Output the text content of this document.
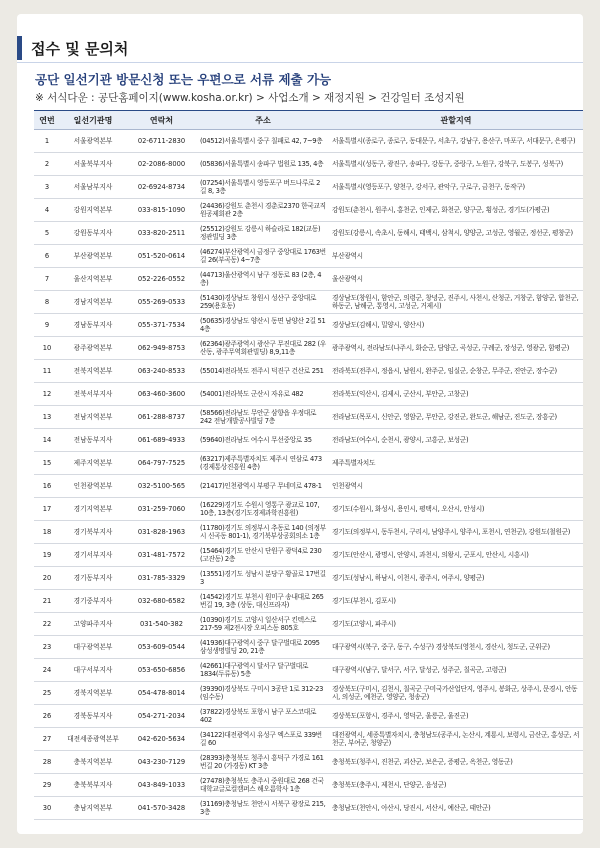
접수 및 문의처
공단 일선기관 방문신청 또는 우편으로 서류 제출 가능
※ 서식다운 : 공단홈페이지(www.kosha.or.kr) > 사업소개 > 재정지원 > 건강일터 조성지원
연번	일선기관명	연락처	주소	관할지역
1	서울광역본부	02-6711-2830	(04512)서울특별시 중구 칠패로 42, 7~9층	서울특별시(종로구, 종로구, 동대문구, 서초구, 강남구, 용산구, 마포구, 서대문구, 은평구)
2	서울북부지사	02-2086-8000	(05836)서울특별시 송파구 법원로 135, 4층	서울특별시(성동구, 광진구, 송파구, 강동구, 중랑구, 노원구, 강북구, 도봉구, 성북구)
3	서울남부지사	02-6924-8734	(07254)서울특별시 영등포구 버드나루로 2길 8, 3층	서울특별시(영등포구, 양천구, 강서구, 관악구, 구로구, 금천구, 동작구)
4	강원지역본부	033-815-1090	(24436)강원도 춘천시 경춘로2370 한국교직원공제회관 2층	강원도(춘천시, 원주시, 홍천군, 인제군, 화천군, 양구군, 횡성군, 경기도(가평군)
5	강원동부지사	033-820-2511	(25512)강원도 강릉시 하슬라로 182(교동) 정관빌딩 3층	강원도(강릉시, 속초시, 동해시, 태백시, 삼척시, 양양군, 고성군, 영월군, 정선군, 평창군)
6	부산광역본부	051-520-0614	(46274)부산광역시 금정구 중앙대로 1763번길 26(부곡동) 4~7층	부산광역시
7	울산지역본부	052-226-0552	(44713)울산광역시 남구 정동로 83 (2층, 4층)	울산광역시
8	경남지역본부	055-269-0533	(51430)경상남도 창원시 성산구 중앙대로 259(용호동)	경상남도(창원시, 함안군, 의령군, 창녕군, 진주시, 사천시, 산청군, 거창군, 함양군, 합천군, 하동군, 남해군, 통영시, 고성군, 거제시)
9	경남동부지사	055-371-7534	(50635)경상남도 양산시 동면 남양산 2길 51 4층	경상남도(김해시, 밀양시, 양산시)
10	광주광역본부	062-949-8753	(62364)광주광역시 광산구 무진대로 282 (우산동, 광주무역회관빌딩) 8,9,11층	광주광역시, 전라남도(나주시, 화순군, 담양군, 곡성군, 구례군, 장성군, 영광군, 함평군)
11	전북지역본부	063-240-8533	(55014)전라북도 전주시 덕진구 건산로 251	전라북도(전주시, 정읍시, 남원시, 완주군, 임실군, 순창군, 무주군, 진안군, 장수군)
12	전북서부지사	063-460-3600	(54001)전라북도 군산시 자유로 482	전라북도(익산시, 김제시, 군산시, 부안군, 고창군)
13	전남지역본부	061-288-8737	(58566)전라남도 무안군 삼향읍 우정대로 242 전남개발공사빌딩 7층	전라남도(목포시, 신안군, 영암군, 무안군, 강진군, 완도군, 해남군, 진도군, 장흥군)
14	전남동부지사	061-689-4933	(59640)전라남도 여수시 무선중앙로 35	전라남도(여수시, 순천시, 광양시, 고흥군, 보성군)
15	제주지역본부	064-797-7525	(63217)제주특별자치도 제주시 연삼로 473 (경제통상진흥원 4층)	제주특별자치도
16	인천광역본부	032-5100-565	(21417)인천광역시 부평구 무네미로 478-1	인천광역시
17	경기지역본부	031-259-7060	(16229)경기도 수원시 영통구 광교로 107, 10층, 13층(경기도경제과학진흥원)	경기도(수원시, 화성시, 용인시, 평택시, 오산시, 안성시)
18	경기북부지사	031-828-1963	(11780)경기도 의정부시 추동로 140 (의정부시 신곡동 801-1), 경기북부상공회의소 1층	경기도(의정부시, 동두천시, 구리시, 남양주시, 양주시, 포천시, 연천군), 강원도(철원군)
19	경기서부지사	031-481-7572	(15464)경기도 안산시 단원구 광덕4로 230 (고잔동) 2층	경기도(안산시, 광명시, 안양시, 과천시, 의왕시, 군포시, 안산시, 시흥시)
20	경기동부지사	031-785-3329	(13551)경기도 성남시 분당구 황골로 17번길 3	경기도(성남시, 하남시, 이천시, 광주시, 여주시, 양평군)
21	경기중부지사	032-680-6582	(14542)경기도 부천시 원미구 송내대로 265번길 19, 3층 (상동, 대신프라자)	경기도(부천시, 김포시)
22	고양파주지사	031-540-382	(10390)경기도 고양시 일산서구 킨텍스로 217-59 제2전시장 오피스동 805호	경기도(고양시, 파주시)
23	대구광역본부	053-609-0544	(41936)대구광역시 중구 달구벌대로 2095 삼성생명빌딩 20, 21층	대구광역시(북구, 중구, 동구, 수성구) 경상북도(영천시, 경산시, 청도군, 군위군)
24	대구서부지사	053-650-6856	(42661)대구광역시 달서구 달구벌대로 1834(두류동) 5층	대구광역시(남구, 달서구, 서구, 달성군, 성주군, 칠곡군, 고령군)
25	경북지역본부	054-478-8014	(39390)경상북도 구미시 3공단 1로 312-23 (임수동)	경상북도(구미시, 김천시, 칠곡군 구미국가산업단지, 영주시, 봉화군, 상주시, 문경시, 안동시, 의성군, 예천군, 영양군, 청송군)
26	경북동부지사	054-271-2034	(37822)경상북도 포항시 남구 포스코대로 402	경상북도(포항시, 경주시, 영덕군, 울릉군, 울진군)
27	대전세종광역본부	042-620-5634	(34122)대전광역시 유성구 엑스포로 339번길 60	대전광역시, 세종특별자치시, 충청남도(공주시, 논산시, 계룡시, 보령시, 금산군, 홍성군, 서천군, 부여군, 청양군)
28	충북지역본부	043-230-7129	(28393)충청북도 청주시 흥덕구 가경로 161번길 20 (가경동) KT 3층	충청북도(청주시, 진천군, 괴산군, 보은군, 증평군, 옥천군, 영동군)
29	충북북부지사	043-849-1033	(27478)충청북도 충주시 중원대로 268 건국대학교글로컬캠퍼스 해오름학사 1층	충청북도(충주시, 제천시, 단양군, 음성군)
30	충남지역본부	041-570-3428	(31169)충청남도 천안시 서북구 광장로 215, 3층	충청남도(천안시, 아산시, 당진시, 서산시, 예산군, 태안군)
